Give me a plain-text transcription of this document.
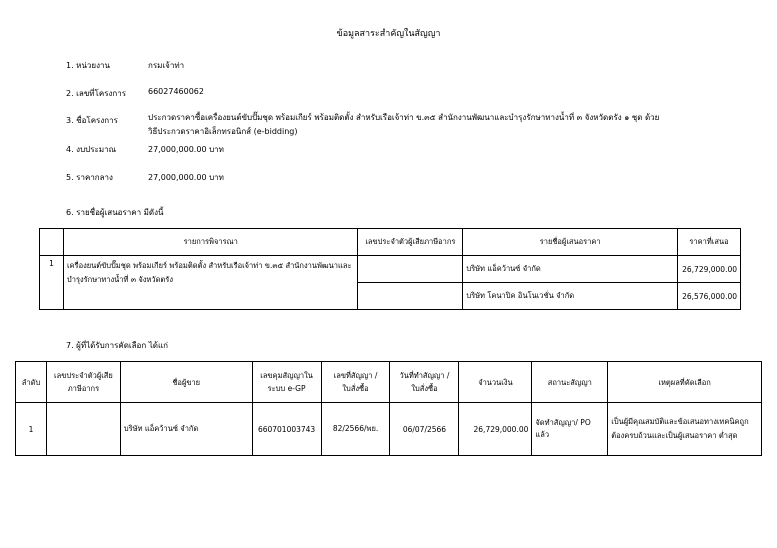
ข้อมูลสาระสำคัญในสัญญา
1. หน่วยงาน	กรมเจ้าท่า
2. เลขที่โครงการ	66027460062
3. ชื่อโครงการ	ประกวดราคาซื้อเครื่องยนต์ขับปั๊มชุด พร้อมเกียร์ พร้อมติดตั้ง สำหรับเรือเจ้าท่า ข.๓๕ สำนักงานพัฒนาและบำรุงรักษาทางน้ำที่ ๓ จังหวัดตรัง ๑ ชุด ด้วยวิธีประกวดราคาอิเล็กทรอนิกส์ (e-bidding)
4. งบประมาณ	27,000,000.00 บาท
5. ราคากลาง	27,000,000.00 บาท
6. รายชื่อผู้เสนอราคา มีดังนี้
	รายการพิจารณา	เลขประจำตัวผู้เสียภาษีอากร	รายชื่อผู้เสนอราคา	ราคาที่เสนอ
1	เครื่องยนต์ขับปั๊มชุด พร้อมเกียร์ พร้อมติดตั้ง สำหรับเรือเจ้าท่า ข.๓๕ สำนักงานพัฒนาและบำรุงรักษาทางน้ำที่ ๓ จังหวัดตรัง		บริษัท แอ็คว้านซ์ จำกัด	26,729,000.00
			บริษัท โคนาปิค อินโนเวชั่น จำกัด	26,576,000.00
7. ผู้ที่ได้รับการคัดเลือก ได้แก่
ลำดับ	เลขประจำตัวผู้เสียภาษีอากร	ชื่อผู้ขาย	เลขคุมสัญญาในระบบ e-GP	เลขที่สัญญา / ใบสั่งซื้อ	วันที่ทำสัญญา / ใบสั่งซื้อ	จำนวนเงิน	สถานะสัญญา	เหตุผลที่คัดเลือก
1		บริษัท แอ็คว้านซ์ จำกัด	660701003743	82/2566/พย.	06/07/2566	26,729,000.00	จัดทำสัญญา/ PO แล้ว	เป็นผู้มีคุณสมบัติและข้อเสนอทางเทคนิคถูกต้องครบถ้วนและเป็นผู้เสนอราคา ต่ำสุด
